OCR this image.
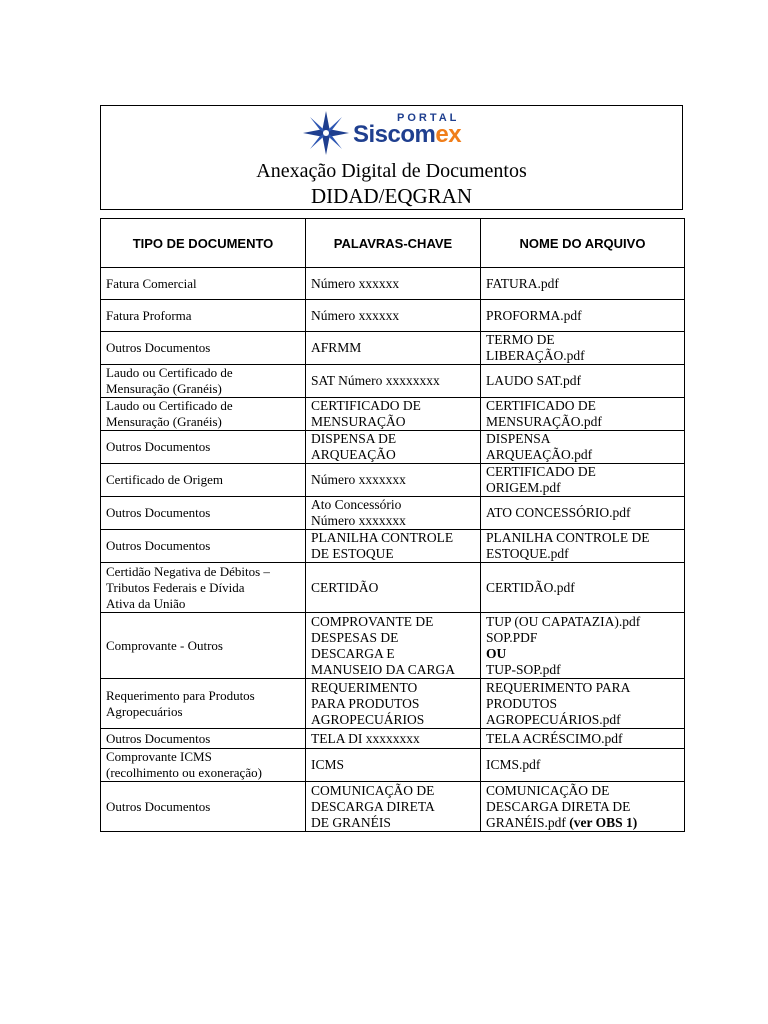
PORTAL
Siscomex
Anexação Digital de Documentos
DIDAD/EQGRAN
TIPO DE DOCUMENTO	PALAVRAS-CHAVE	NOME DO ARQUIVO

Fatura Comercial	Número xxxxxx	FATURA.pdf

Fatura Proforma	Número xxxxxx	PROFORMA.pdf

Outros Documentos	AFRMM	TERMO DE
LIBERAÇÃO.pdf

Laudo ou Certificado de
Mensuração (Granéis)	SAT Número xxxxxxxx	LAUDO SAT.pdf

Laudo ou Certificado de
Mensuração (Granéis)	CERTIFICADO DE
MENSURAÇÃO	CERTIFICADO DE
MENSURAÇÃO.pdf

Outros Documentos	DISPENSA DE
ARQUEAÇÃO	DISPENSA
ARQUEAÇÃO.pdf

Certificado de Origem	Número xxxxxxx	CERTIFICADO DE
ORIGEM.pdf

Outros Documentos	Ato Concessório
Número xxxxxxx	ATO CONCESSÓRIO.pdf

Outros Documentos	PLANILHA CONTROLE
DE ESTOQUE	PLANILHA CONTROLE DE
ESTOQUE.pdf

Certidão Negativa de Débitos –
Tributos Federais e Dívida
Ativa da União	CERTIDÃO	CERTIDÃO.pdf

Comprovante - Outros	COMPROVANTE DE
DESPESAS DE
DESCARGA E
MANUSEIO DA CARGA	TUP (OU CAPATAZIA).pdf
SOP.PDF
OU
TUP-SOP.pdf

Requerimento para Produtos
Agropecuários	REQUERIMENTO
PARA PRODUTOS
AGROPECUÁRIOS	REQUERIMENTO PARA
PRODUTOS
AGROPECUÁRIOS.pdf

Outros Documentos	TELA DI xxxxxxxx	TELA ACRÉSCIMO.pdf

Comprovante ICMS
(recolhimento ou exoneração)	ICMS	ICMS.pdf

Outros Documentos	COMUNICAÇÃO DE
DESCARGA DIRETA
DE GRANÉIS	COMUNICAÇÃO DE
DESCARGA DIRETA DE
GRANÉIS.pdf (ver OBS 1)
